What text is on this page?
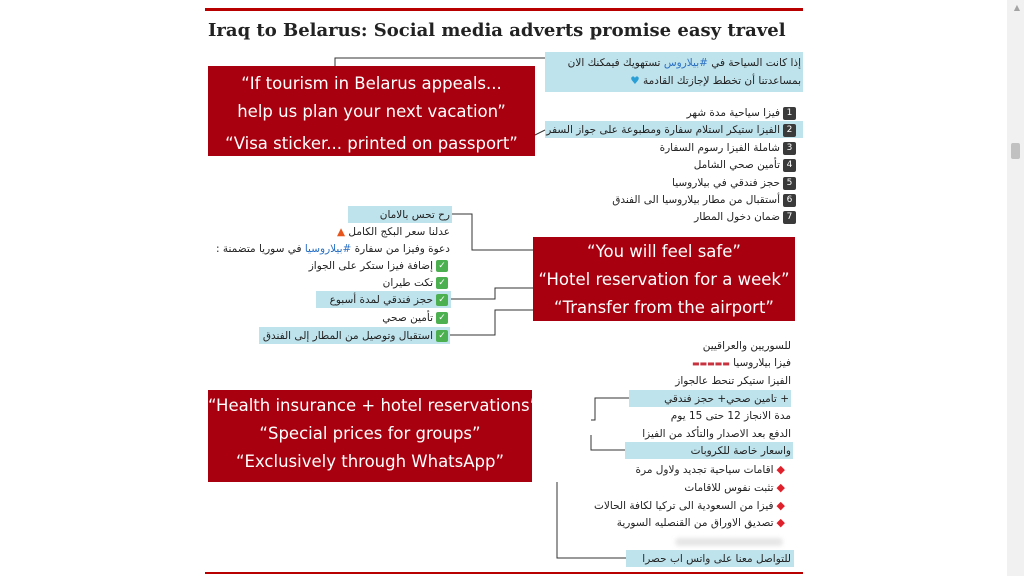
Iraq to Belarus: Social media adverts promise easy travel
“If tourism in Belarus appeals...
help us plan your next vacation”
“Visa sticker... printed on passport”
“You will feel safe”
“Hotel reservation for a week”
“Transfer from the airport”
“Health insurance + hotel reservations”
“Special prices for groups”
“Exclusively through WhatsApp”
إذا كانت السياحة في #بيلاروس تستهويك فيمكنك الان
بمساعدتنا أن تخطط لإجازتك القادمة ♥
1فيزا سياحية مدة شهر
2الفيزا ستيكر استلام سفارة ومطبوعة على جواز السفر
3شاملة الفيزا رسوم السفارة
4تأمين صحي الشامل
5حجز فندقي في بيلاروسيا
6أستقبال من مطار بيلاروسيا الى الفندق
7ضمان دخول المطار
رح تحس بالامان
عدلنا سعر البكج الكامل ▲
دعوة وفيزا من سفارة #بيلاروسيا في سوريا متضمنة :
✓إضافة فيزا ستكر على الجواز
✓تكت طيران
✓حجز فندقي لمدة أسبوع
✓تأمين صحي
✓استقبال وتوصيل من المطار إلى الفندق
للسوريين والعراقيين
فيزا بيلاروسيا ▬▬▬▬▬
الفيزا ستيكر تنحط عالجواز
+ تامين صحي+ حجز فندقي
مدة الانجاز 12 حتى 15 يوم
الدفع بعد الاصدار والتأكد من الفيزا
واسعار خاصة للكروبات
◆اقامات سياحية تجديد ولاول مرة
◆تثبت نفوس للاقامات
◆فيزا من السعودية الى تركيا لكافة الحالات
◆تصديق الاوراق من القنصليه السورية
للتواصل معنا على واتس اب حصرا
▲
